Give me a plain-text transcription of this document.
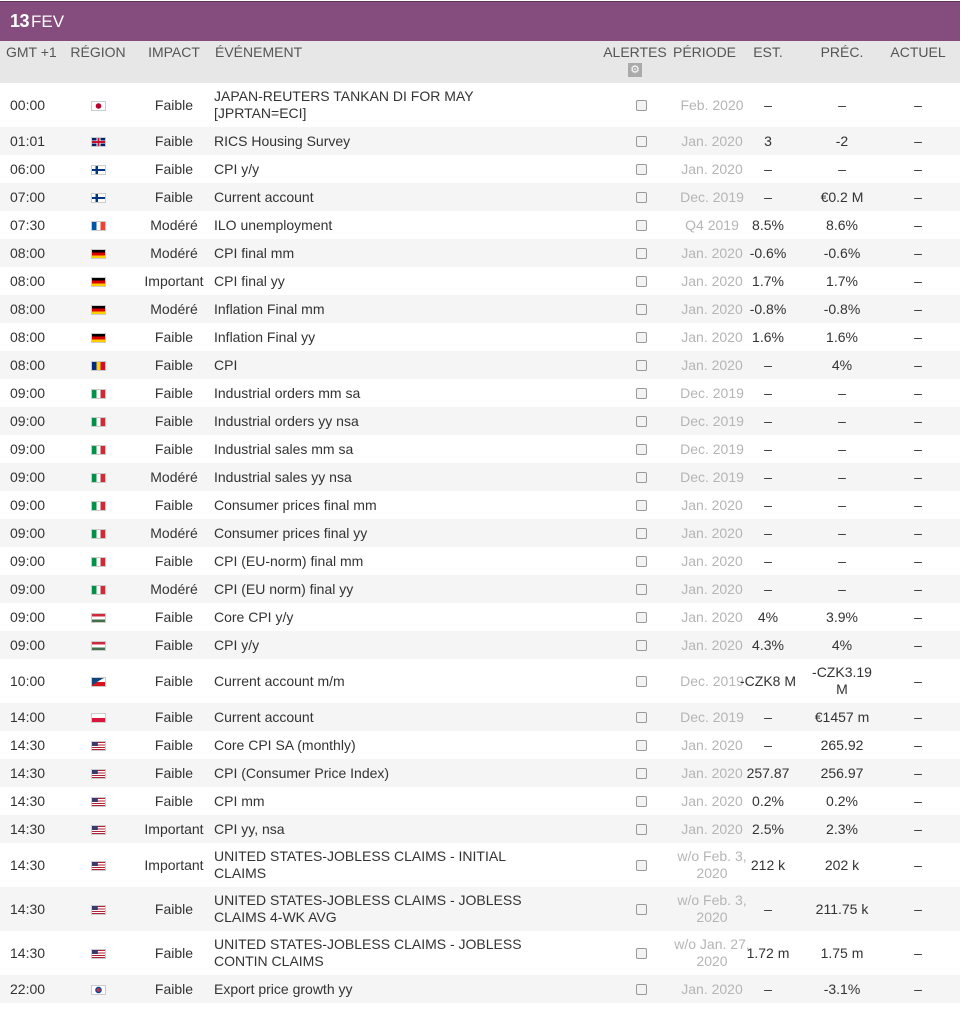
13 FEV
GMT +1	RÉGION	IMPACT	ÉVÉNEMENT	ALERTES
⚙	PÉRIODE	EST.	PRÉC.	ACTUEL
00:00		Faible	JAPAN-REUTERS TANKAN DI FOR MAY [JPRTAN=ECI]		Feb. 2020	–	–	–
01:01		Faible	RICS Housing Survey		Jan. 2020	3	-2	–
06:00		Faible	CPI y/y		Jan. 2020	–	–	–
07:00		Faible	Current account		Dec. 2019	–	€0.2 M	–
07:30		Modéré	ILO unemployment		Q4 2019	8.5%	8.6%	–
08:00		Modéré	CPI final mm		Jan. 2020	-0.6%	-0.6%	–
08:00		Important	CPI final yy		Jan. 2020	1.7%	1.7%	–
08:00		Modéré	Inflation Final mm		Jan. 2020	-0.8%	-0.8%	–
08:00		Faible	Inflation Final yy		Jan. 2020	1.6%	1.6%	–
08:00		Faible	CPI		Jan. 2020	–	4%	–
09:00		Faible	Industrial orders mm sa		Dec. 2019	–	–	–
09:00		Faible	Industrial orders yy nsa		Dec. 2019	–	–	–
09:00		Faible	Industrial sales mm sa		Dec. 2019	–	–	–
09:00		Modéré	Industrial sales yy nsa		Dec. 2019	–	–	–
09:00		Faible	Consumer prices final mm		Jan. 2020	–	–	–
09:00		Modéré	Consumer prices final yy		Jan. 2020	–	–	–
09:00		Faible	CPI (EU-norm) final mm		Jan. 2020	–	–	–
09:00		Modéré	CPI (EU norm) final yy		Jan. 2020	–	–	–
09:00		Faible	Core CPI y/y		Jan. 2020	4%	3.9%	–
09:00		Faible	CPI y/y		Jan. 2020	4.3%	4%	–
10:00		Faible	Current account m/m		Dec. 2019	-CZK8 M	-CZK3.19 M	–
14:00		Faible	Current account		Dec. 2019	–	€1457 m	–
14:30		Faible	Core CPI SA (monthly)		Jan. 2020	–	265.92	–
14:30		Faible	CPI (Consumer Price Index)		Jan. 2020	257.87	256.97	–
14:30		Faible	CPI mm		Jan. 2020	0.2%	0.2%	–
14:30		Important	CPI yy, nsa		Jan. 2020	2.5%	2.3%	–
14:30		Important	UNITED STATES-JOBLESS CLAIMS - INITIAL CLAIMS		w/o Feb. 3, 2020	212 k	202 k	–
14:30		Faible	UNITED STATES-JOBLESS CLAIMS - JOBLESS CLAIMS 4-WK AVG		w/o Feb. 3, 2020	–	211.75 k	–
14:30		Faible	UNITED STATES-JOBLESS CLAIMS - JOBLESS CONTIN CLAIMS		w/o Jan. 27, 2020	1.72 m	1.75 m	–
22:00		Faible	Export price growth yy		Jan. 2020	–	-3.1%	–
